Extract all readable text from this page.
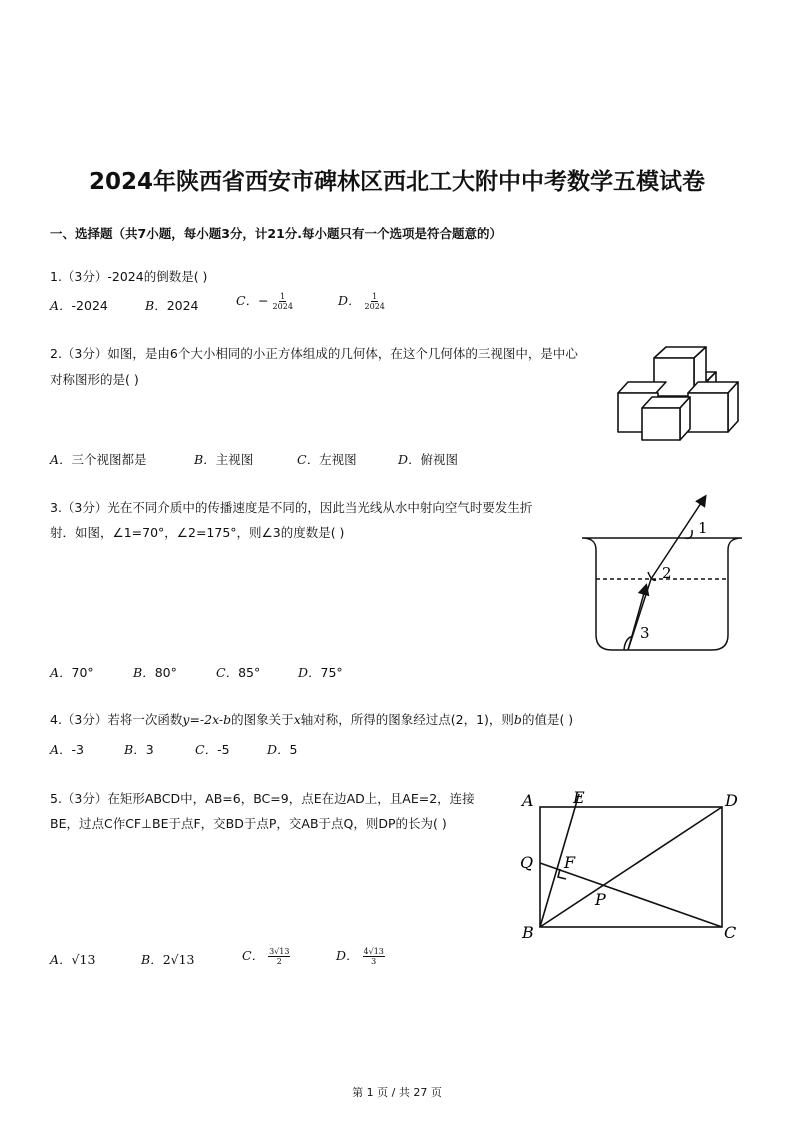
2024年陕西省西安市碑林区西北工大附中中考数学五模试卷
一、选择题（共7小题，每小题3分，计21分.每小题只有一个选项是符合题意的）
1.（3分）-2024的倒数是( )
A．-2024	B．2024	C．− $\frac{1}{2024}$	D． $\frac{1}{2024}$
2.（3分）如图，是由6个大小相同的小正方体组成的几何体，在这个几何体的三视图中，是中心
对称图形的是( )
A．三个视图都是	B．主视图	C．左视图	D．俯视图
3.（3分）光在不同介质中的传播速度是不同的，因此当光线从水中射向空气时要发生折
射．如图，∠1=70°，∠2=175°，则∠3的度数是( )	1
2
3
A．70°	B．80°	C．85°	D．75°
4.（3分）若将一次函数y=-2x-b的图象关于x轴对称，所得的图象经过点(2，1)，则b的值是( )
A．-3	B．3	C．-5	D．5
5.（3分）在矩形ABCD中，AB=6，BC=9，点E在边AD上，且AE=2，连接
BE，过点C作CF⊥BE于点F，交BD于点P，交AB于点Q，则DP的长为( )
A E	D
Q F
P
B	C
A．√13	B．2√13	C． $\frac{3√13}{2}$	D． $\frac{4√13}{3}$
第 1 页 / 共 27 页
